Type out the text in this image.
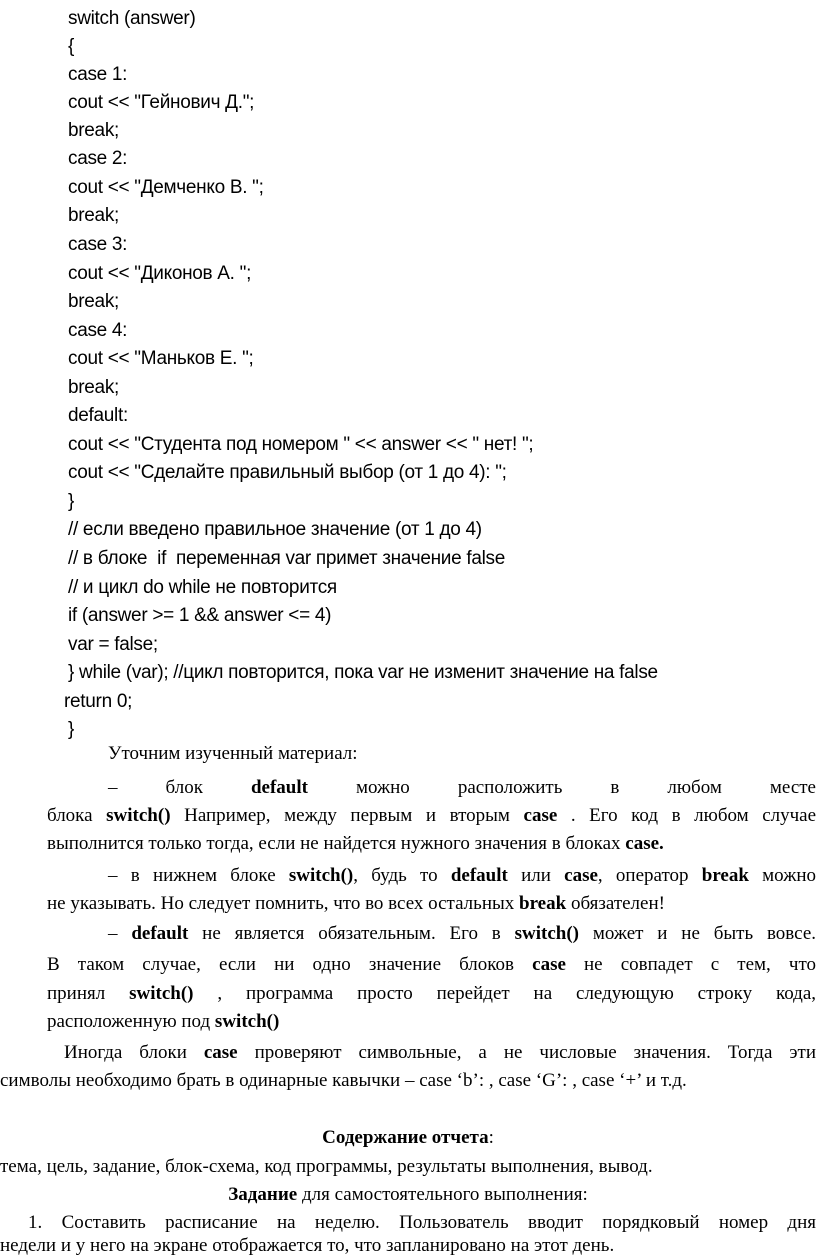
switch (answer)
{
case 1:
cout << "Гейнович Д.";
break;
case 2:
cout << "Демченко В. ";
break;
case 3:
cout << "Диконов А. ";
break;
case 4:
cout << "Маньков Е. ";
break;
default:
cout << "Студента под номером " << answer << " нет! ";
cout << "Сделайте правильный выбор (от 1 до 4): ";
}
// если введено правильное значение (от 1 до 4)
// в блоке  if  переменная var примет значение false
// и цикл do while не повторится
if (answer >= 1 && answer <= 4)
var = false;
} while (var); //цикл повторится, пока var не изменит значение на false
return 0;
}
Уточним изученный материал:
–	блок	default	можно расположить в любом месте
блока switch() Например, между первым и вторым case . Его код в любом случае
выполнится только тогда, если не найдется нужного значения в блоках case.
– в нижнем блоке switch(), будь то default или case, оператор break можно
не указывать. Но следует помнить, что во всех остальных break обязателен!
– default не является обязательным. Его в switch() может и не быть вовсе.
В таком случае, если ни одно значение блоков case не совпадет с тем, что
принял switch() , программа просто перейдет на следующую строку кода,
расположенную под switch()
Иногда блоки case проверяют символьные, а не числовые значения. Тогда эти
символы необходимо брать в одинарные кавычки – case ‘b’: , case ‘G’: , case ‘+’ и т.д.
Содержание отчета:
тема, цель, задание, блок-схема, код программы, результаты выполнения, вывод.
Задание для самостоятельного выполнения:
1. Составить расписание на неделю. Пользователь вводит порядковый номер дня
недели и у него на экране отображается то, что запланировано на этот день.
